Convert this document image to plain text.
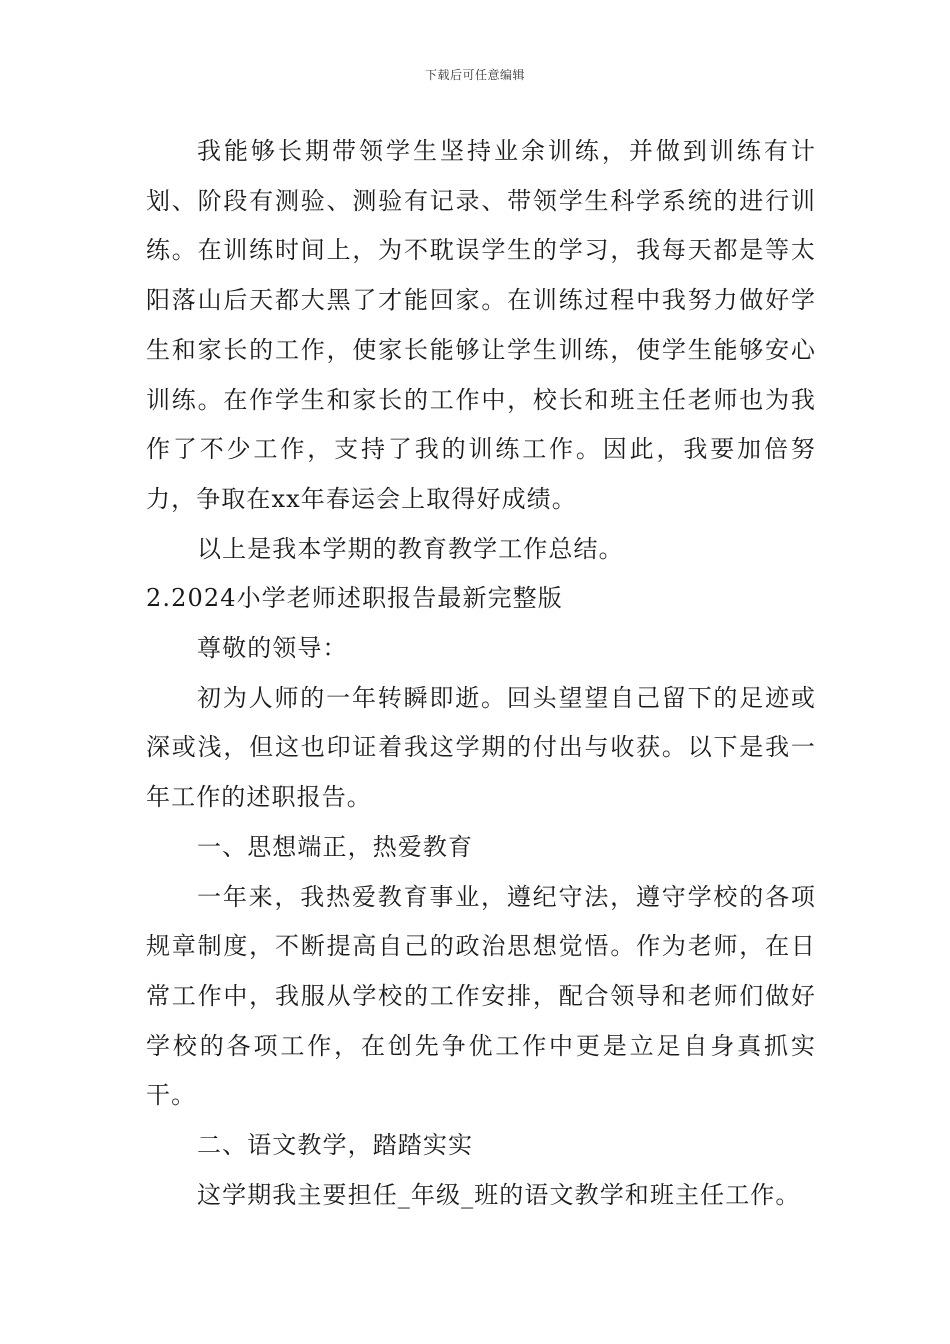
下载后可任意编辑

我能够长期带领学生坚持业余训练，并做到训练有计划、阶段有测验、测验有记录、带领学生科学系统的进行训练。在训练时间上，为不耽误学生的学习，我每天都是等太阳落山后天都大黑了才能回家。在训练过程中我努力做好学生和家长的工作，使家长能够让学生训练，使学生能够安心训练。在作学生和家长的工作中，校长和班主任老师也为我作了不少工作，支持了我的训练工作。因此，我要加倍努力，争取在xx年春运会上取得好成绩。

以上是我本学期的教育教学工作总结。

2.2024小学老师述职报告最新完整版

尊敬的领导：

初为人师的一年转瞬即逝。回头望望自己留下的足迹或深或浅，但这也印证着我这学期的付出与收获。以下是我一年工作的述职报告。

一、思想端正，热爱教育

一年来，我热爱教育事业，遵纪守法，遵守学校的各项规章制度，不断提高自己的政治思想觉悟。作为老师，在日常工作中，我服从学校的工作安排，配合领导和老师们做好学校的各项工作，在创先争优工作中更是立足自身真抓实干。

二、语文教学，踏踏实实

这学期我主要担任_年级_班的语文教学和班主任工作。
